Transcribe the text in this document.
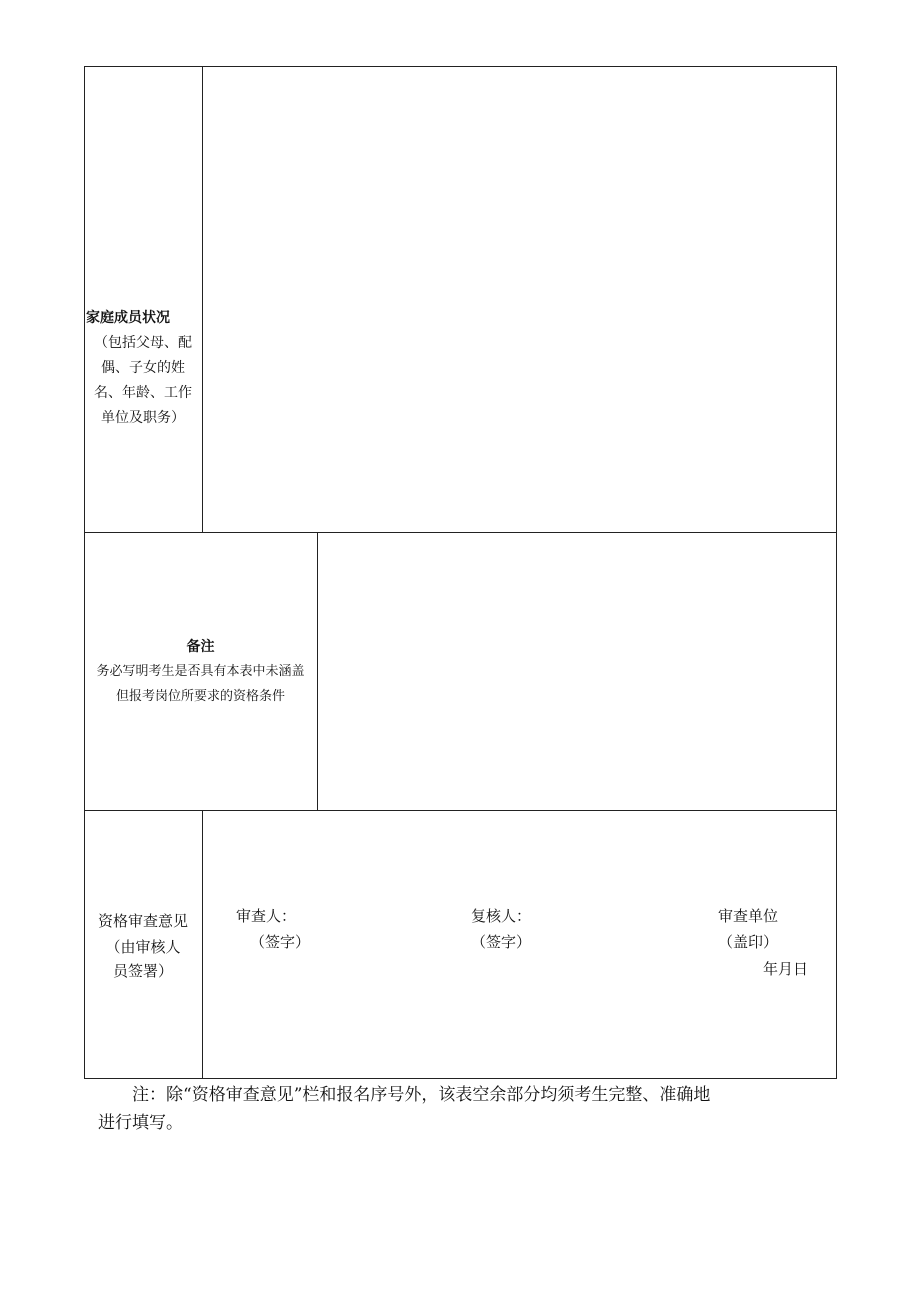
家庭成员状况
（包括父母、配
偶、子女的姓
名、年龄、工作
单位及职务）
备注
务必写明考生是否具有本表中未涵盖
但报考岗位所要求的资格条件
资格审查意见
（由审核人
员签署）
审查人：
（签字）
复核人：
（签字）
审查单位
（盖印）
年月日
注：除“资格审查意见”栏和报名序号外，该表空余部分均须考生完整、准确地
进行填写。
